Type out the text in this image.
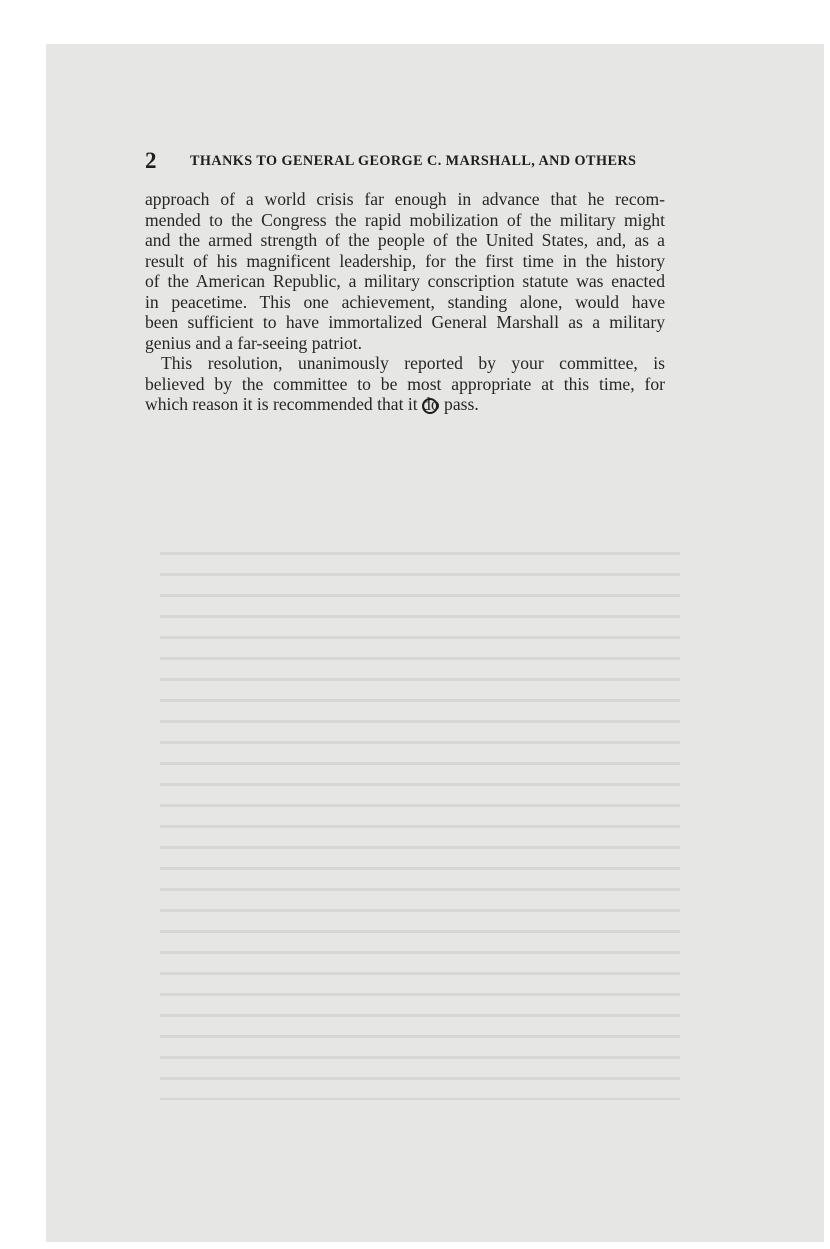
2 THANKS TO GENERAL GEORGE C. MARSHALL, AND OTHERS

approach of a world crisis far enough in advance that he recom-

mended to the Congress the rapid mobilization of the military might

and the armed strength of the people of the United States, and, as a

result of his magnificent leadership, for the first time in the history

of the American Republic, a military conscription statute was enacted

in peacetime. This one achievement, standing alone, would have

been sufficient to have immortalized General Marshall as a military

genius and a far-seeing patriot.

This resolution, unanimously reported by your committee, is

believed by the committee to be most appropriate at this time, for

which reason it is recommended that it do pass.
